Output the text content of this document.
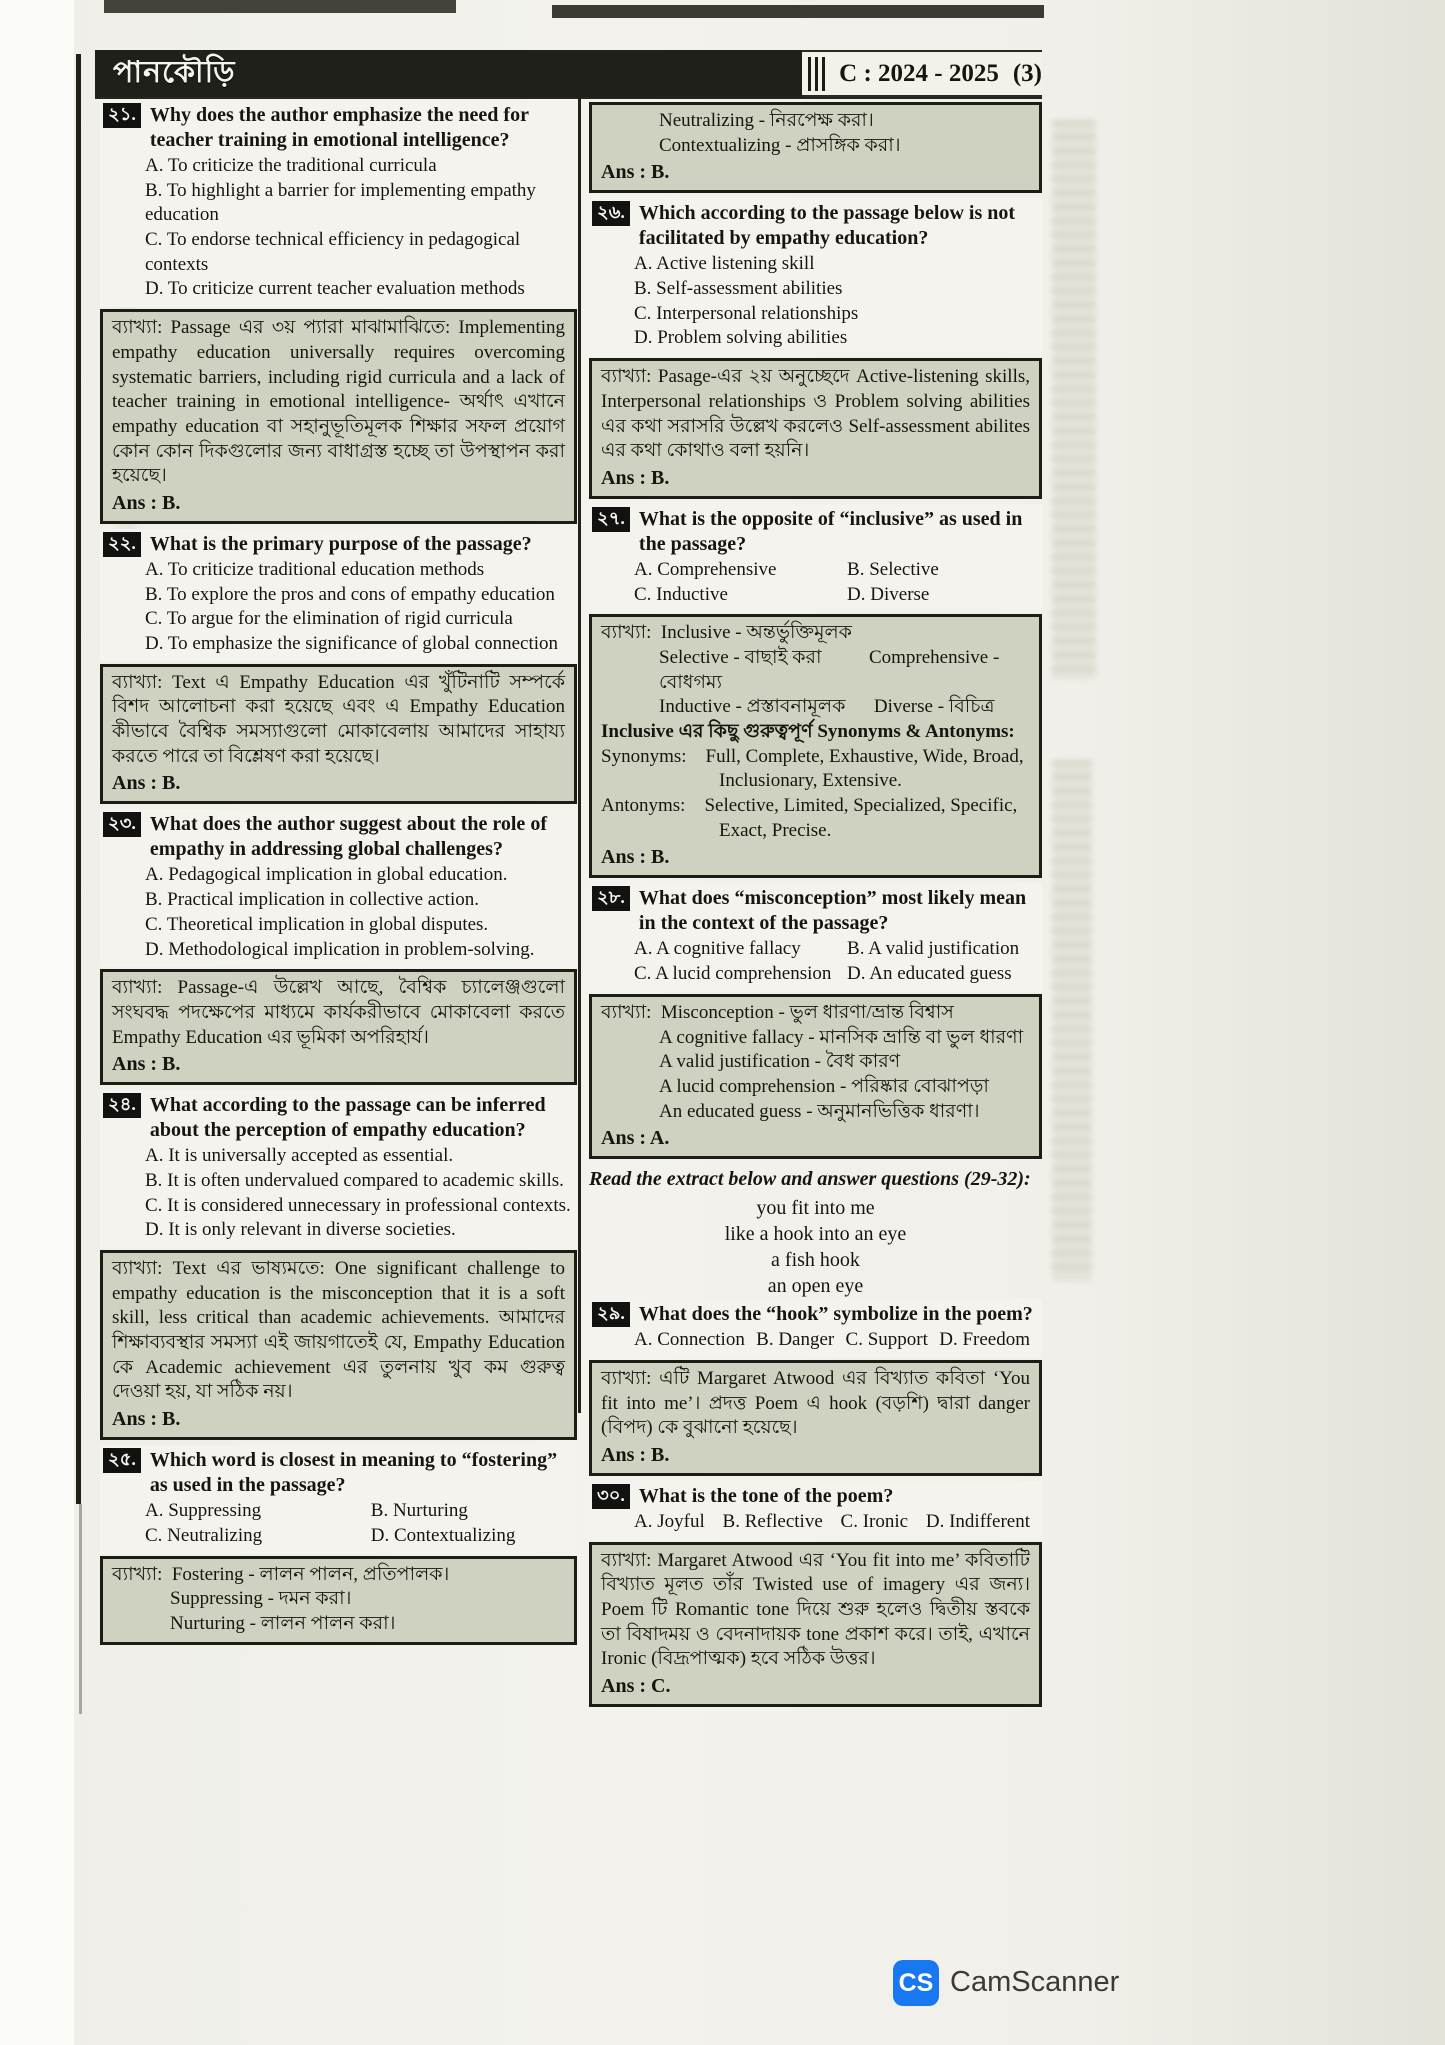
পানকৌড়ি	C : 2024 - 2025 (3)
২১. Why does the author emphasize the need for teacher training in emotional intelligence?
A. To criticize the traditional curricula
B. To highlight a barrier for implementing empathy education
C. To endorse technical efficiency in pedagogical contexts
D. To criticize current teacher evaluation methods
ব্যাখ্যা: Passage এর ৩য় প্যারা মাঝামাঝিতে: Implementing empathy education universally requires overcoming systematic barriers, including rigid curricula and a lack of teacher training in emotional intelligence- অর্থাৎ এখানে empathy education বা সহানুভূতিমূলক শিক্ষার সফল প্রয়োগ কোন কোন দিকগুলোর জন্য বাধাগ্রস্ত হচ্ছে তা উপস্থাপন করা হয়েছে।
Ans : B.
২২. What is the primary purpose of the passage?
A. To criticize traditional education methods
B. To explore the pros and cons of empathy education
C. To argue for the elimination of rigid curricula
D. To emphasize the significance of global connection
ব্যাখ্যা: Text এ Empathy Education এর খুঁটিনাটি সম্পর্কে বিশদ আলোচনা করা হয়েছে এবং এ Empathy Education কীভাবে বৈশ্বিক সমস্যাগুলো মোকাবেলায় আমাদের সাহায্য করতে পারে তা বিশ্লেষণ করা হয়েছে।
Ans : B.
২৩. What does the author suggest about the role of empathy in addressing global challenges?
A. Pedagogical implication in global education.
B. Practical implication in collective action.
C. Theoretical implication in global disputes.
D. Methodological implication in problem-solving.
ব্যাখ্যা: Passage-এ উল্লেখ আছে, বৈশ্বিক চ্যালেঞ্জগুলো সংঘবদ্ধ পদক্ষেপের মাধ্যমে কার্যকরীভাবে মোকাবেলা করতে Empathy Education এর ভূমিকা অপরিহার্য।
Ans : B.
২৪. What according to the passage can be inferred about the perception of empathy education?
A. It is universally accepted as essential.
B. It is often undervalued compared to academic skills.
C. It is considered unnecessary in professional contexts.
D. It is only relevant in diverse societies.
ব্যাখ্যা: Text এর ভাষ্যমতে: One significant challenge to empathy education is the misconception that it is a soft skill, less critical than academic achievements. আমাদের শিক্ষাব্যবস্থার সমস্যা এই জায়গাতেই যে, Empathy Education কে Academic achievement এর তুলনায় খুব কম গুরুত্ব দেওয়া হয়, যা সঠিক নয়।
Ans : B.
২৫. Which word is closest in meaning to “fostering” as used in the passage?
A. Suppressing	B. Nurturing
C. Neutralizing	D. Contextualizing
ব্যাখ্যা: Fostering - লালন পালন, প্রতিপালক।
Suppressing - দমন করা।
Nurturing - লালন পালন করা।
Neutralizing - নিরপেক্ষ করা।
Contextualizing - প্রাসঙ্গিক করা।
Ans : B.
২৬. Which according to the passage below is not facilitated by empathy education?
A. Active listening skill
B. Self-assessment abilities
C. Interpersonal relationships
D. Problem solving abilities
ব্যাখ্যা: Pasage-এর ২য় অনুচ্ছেদে Active-listening skills, Interpersonal relationships ও Problem solving abilities এর কথা সরাসরি উল্লেখ করলেও Self-assessment abilites এর কথা কোথাও বলা হয়নি।
Ans : B.
২৭. What is the opposite of “inclusive” as used in the passage?
A. Comprehensive	B. Selective
C. Inductive	D. Diverse
ব্যাখ্যা: Inclusive - অন্তর্ভুক্তিমূলক
Selective - বাছাই করা   Comprehensive - বোধগম্য
Inductive - প্রস্তাবনামূলক  Diverse - বিচিত্র
Inclusive এর কিছু গুরুত্বপূর্ণ Synonyms & Antonyms:
Synonyms:  Full, Complete, Exhaustive, Wide, Broad, Inclusionary, Extensive.
Antonyms:  Selective, Limited, Specialized, Specific, Exact, Precise.
Ans : B.
২৮. What does “misconception” most likely mean in the context of the passage?
A. A cognitive fallacy	B. A valid justification
C. A lucid comprehension D. An educated guess
ব্যাখ্যা: Misconception - ভুল ধারণা/ভ্রান্ত বিশ্বাস
A cognitive fallacy - মানসিক ভ্রান্তি বা ভুল ধারণা
A valid justification - বৈধ কারণ
A lucid comprehension - পরিষ্কার বোঝাপড়া
An educated guess - অনুমানভিত্তিক ধারণা।
Ans : A.
Read the extract below and answer questions (29-32):
you fit into me
like a hook into an eye
a fish hook
an open eye
২৯. What does the “hook” symbolize in the poem?
A. Connection B. Danger C. Support D. Freedom
ব্যাখ্যা: এটি Margaret Atwood এর বিখ্যাত কবিতা ‘You fit into me’। প্রদত্ত Poem এ hook (বড়শি) দ্বারা danger (বিপদ) কে বুঝানো হয়েছে।
Ans : B.
৩০. What is the tone of the poem?
A. Joyful B. Reflective C. Ironic D. Indifferent
ব্যাখ্যা: Margaret Atwood এর ‘You fit into me’ কবিতাটি বিখ্যাত মূলত তাঁর Twisted use of imagery এর জন্য। Poem টি Romantic tone দিয়ে শুরু হলেও দ্বিতীয় স্তবকে তা বিষাদময় ও বেদনাদায়ক tone প্রকাশ করে। তাই, এখানে Ironic (বিদ্রূপাত্মক) হবে সঠিক উত্তর।
Ans : C.
CS CamScanner
